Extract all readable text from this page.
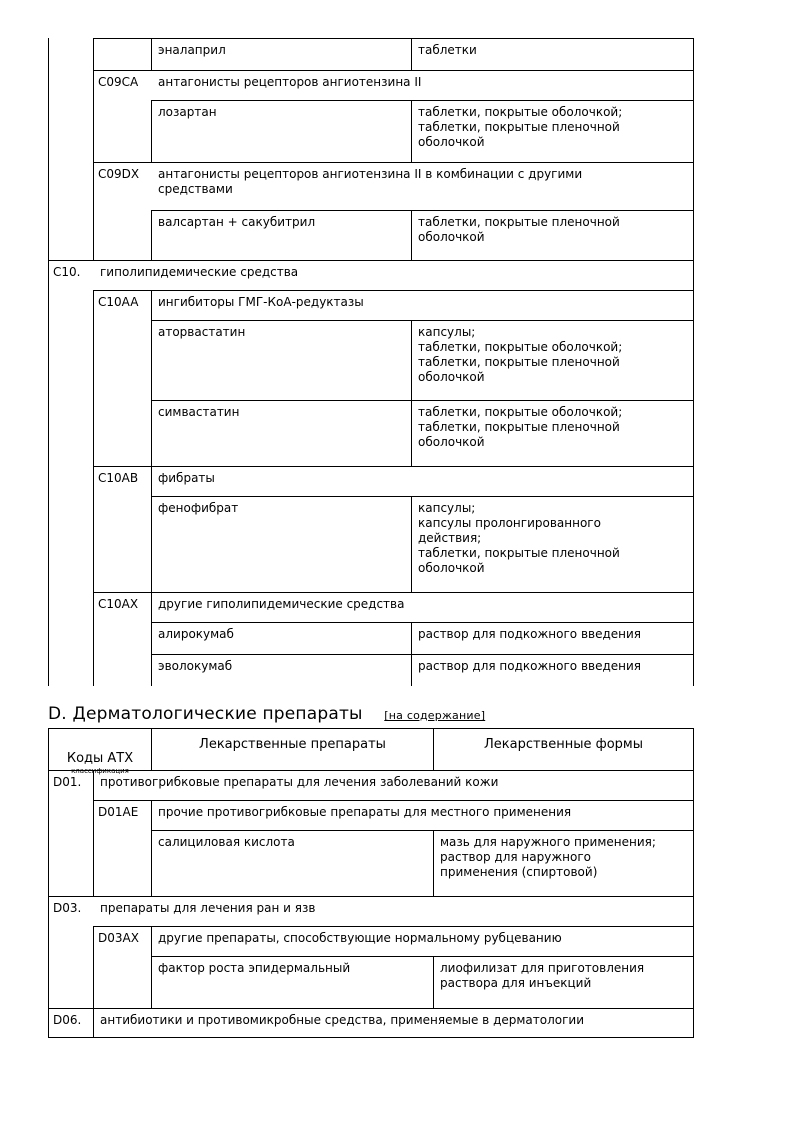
эналаприл	таблетки
C09CA	антагонисты рецепторов ангиотензина II
лозартан	таблетки, покрытые оболочкой;
таблетки, покрытые пленочной
оболочкой
C09DX	антагонисты рецепторов ангиотензина II в комбинации с другими
средствами
валсартан + сакубитрил	таблетки, покрытые пленочной
оболочкой
C10.	гиполипидемические средства
C10AA	ингибиторы ГМГ-КоА-редуктазы
аторвастатин	капсулы;
таблетки, покрытые оболочкой;
таблетки, покрытые пленочной
оболочкой
симвастатин	таблетки, покрытые оболочкой;
таблетки, покрытые пленочной
оболочкой
C10AB	фибраты
фенофибрат	капсулы;
капсулы пролонгированного
действия;
таблетки, покрытые пленочной
оболочкой
C10AX	другие гиполипидемические средства
алирокумаб	раствор для подкожного введения
эволокумаб	раствор для подкожного введения
D. Дерматологические препараты [на содержание]

Коды АТХ

классификация

Лекарственные препараты	Лекарственные формы
D01.	противогрибковые препараты для лечения заболеваний кожи
D01AE	прочие противогрибковые препараты для местного применения
салициловая кислота	мазь для наружного применения;
раствор для наружного
применения (спиртовой)
D03.	препараты для лечения ран и язв
D03AX	другие препараты, способствующие нормальному рубцеванию
фактор роста эпидермальный	лиофилизат для приготовления
раствора для инъекций
D06.	антибиотики и противомикробные средства, применяемые в дерматологии
